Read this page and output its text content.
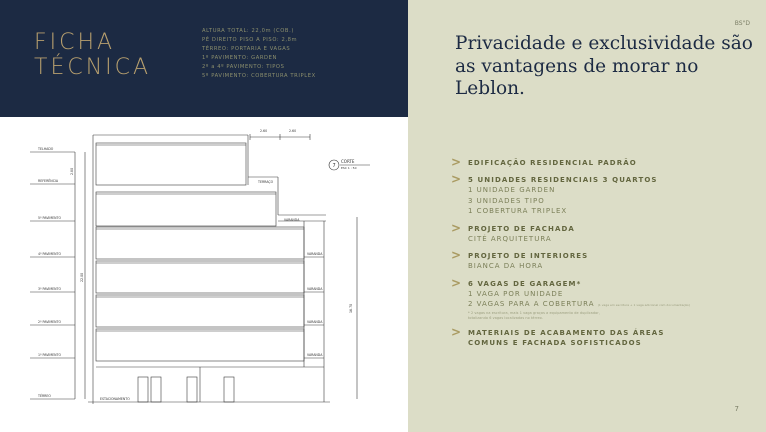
FICHA
TÉCNICA
ALTURA TOTAL: 22,0m (COB.)
PÉ DIREITO PISO A PISO: 2,8m
TÉRREO: PORTARIA E VAGAS
1º PAVIMENTO: GARDEN
2º a 4º PAVIMENTO: TIPOS
5º PAVIMENTO: COBERTURA TRIPLEX
TELHADO
REFERÊNCIA
5º PAVIMENTO
4º PAVIMENTO
3º PAVIMENTO
2º PAVIMENTO
1º PAVIMENTO
TÉRREO
2.60	2.60
16.70
2.80
22.00
TERRAÇO
VARANDA
VARANDA
VARANDA
VARANDA
VARANDA
ESTACIONAMENTO
7
CORTE
ESC 1 : 50
BS"D
Privacidade e exclusividade são as vantagens de morar no Leblon.
> EDIFICAÇÃO RESIDENCIAL PADRÃO
> 5 UNIDADES RESIDENCIAIS 3 QUARTOS
1 UNIDADE GARDEN
3 UNIDADES TIPO
1 COBERTURA TRIPLEX
> PROJETO DE FACHADA
CITÉ ARQUITETURA
> PROJETO DE INTERIORES
BIANCA DA HORA
> 6 VAGAS DE GARAGEM*
1 VAGA POR UNIDADE
2 VAGAS PARA A COBERTURA (1 vaga em escritura + 1 vaga adicional com documentação)
* 2 vagas na escritura, mais 1 vaga graças a equipamento de duplicador,
totalizando 6 vagas localizadas no térreo.
> MATERIAIS DE ACABAMENTO DAS ÁREAS COMUNS E FACHADA SOFISTICADOS
7
